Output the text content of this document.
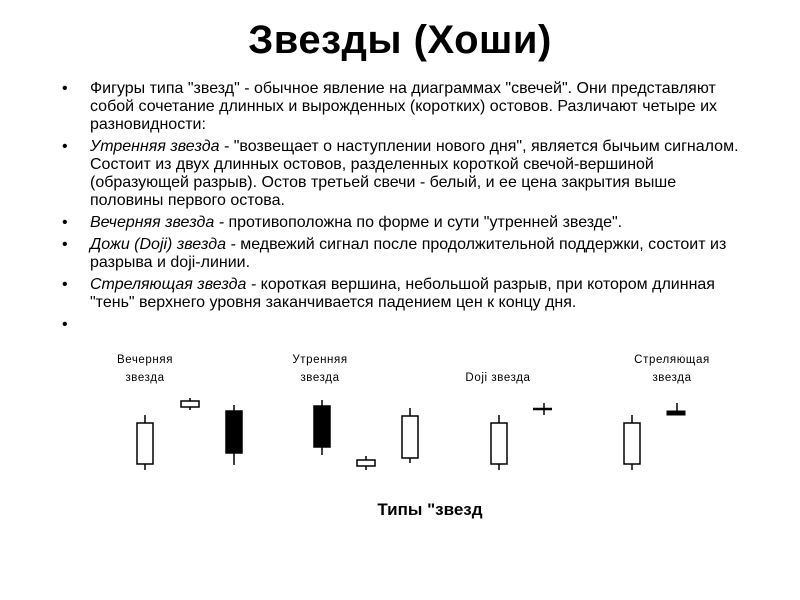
Звезды (Хоши)
• Фигуры типа "звезд" - обычное явление на диаграммах "свечей". Они представляют собой сочетание длинных и вырожденных (коротких) остовов. Различают четыре их разновидности:
• Утренняя звезда - "возвещает о наступлении нового дня", является бычьим сигналом. Состоит из двух длинных остовов, разделенных короткой свечой-вершиной (образующей разрыв). Остов третьей свечи - белый, и ее цена закрытия выше половины первого остова.
• Вечерняя звезда - противоположна по форме и сути "утренней звезде".
• Дожи (Doji) звезда - медвежий сигнал после продолжительной поддержки, состоит из разрыва и doji-линии.
• Стреляющая звезда - короткая вершина, небольшой разрыв, при котором длинная "тень" верхнего уровня заканчивается падением цен к концу дня.
•
Вечерняя
звезда
Утренняя
звезда	Doji звезда
Стреляющая
звезда
Типы "звезд
